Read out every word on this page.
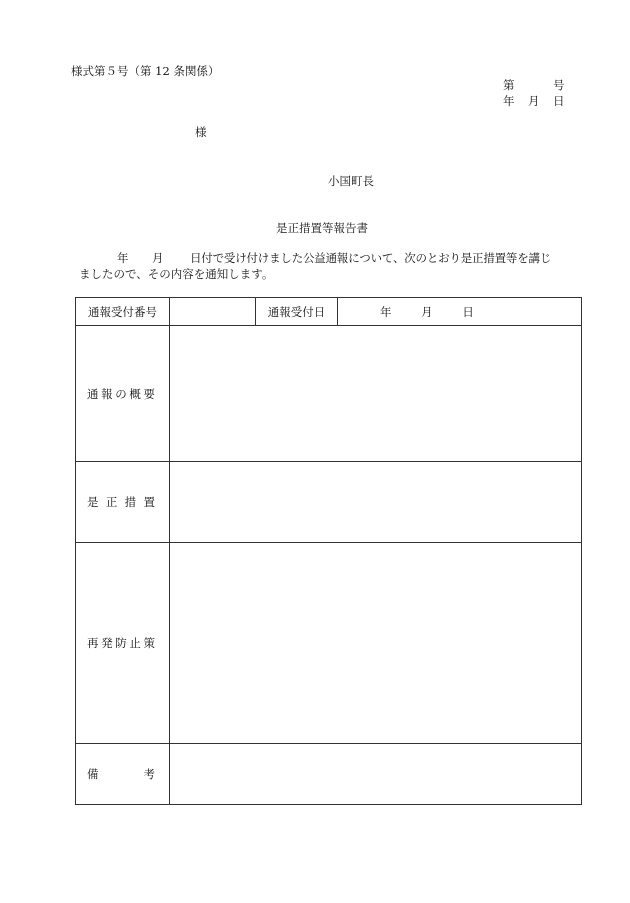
様式第５号（第 12 条関係）
第	号
年 月 日
様
小国町長
是正措置等報告書
年 月 日付で受け付けました公益通報について、次のとおり是正措置等を講じ
ましたので、その内容を通知します。
通報受付番号		通報受付日	年 月 日

通報の概要			

是正措置			

再発防止策			

備考			
